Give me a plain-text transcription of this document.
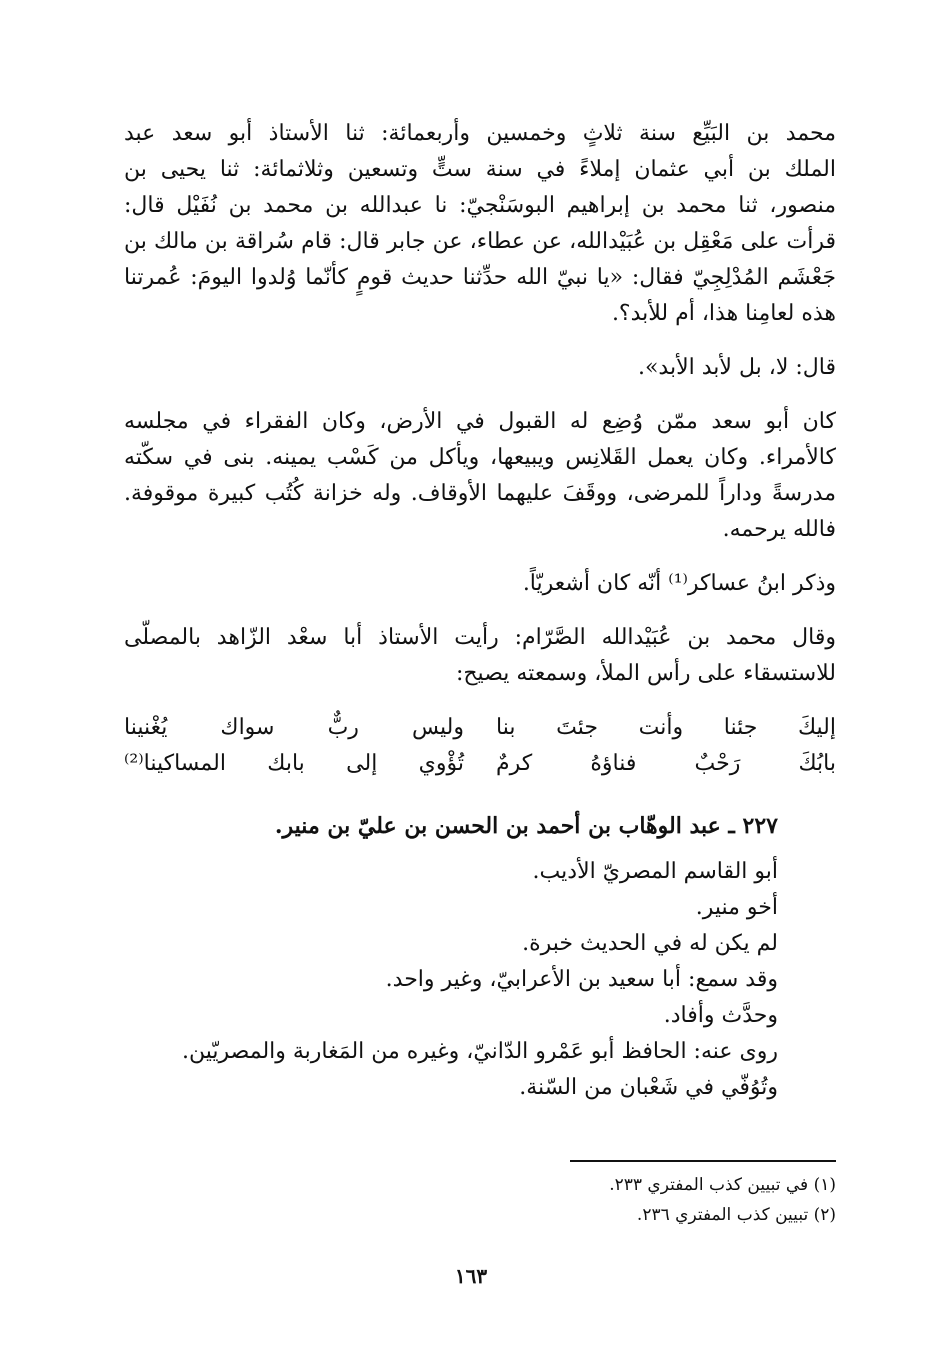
محمد بن البَيِّع سنة ثلاثٍ وخمسين وأربعمائة: ثنا الأستاذ أبو سعد عبد
الملك بن أبي عثمان إملاءً في سنة ستٍّ وتسعين وثلاثمائة: ثنا يحيى بن
منصور، ثنا محمد بن إبراهيم البوسَنْجيّ: نا عبدالله بن محمد بن نُفَيْل قال:
قرأت على مَعْقِل بن عُبَيْدالله، عن عطاء، عن جابر قال: قام سُراقة بن مالك بن
جَعْشَم المُدْلِجِيّ فقال: «يا نبيّ الله حدِّثنا حديث قومٍ كأنّما وُلدوا اليومَ: عُمرتنا
هذه لعامِنا هذا، أم للأبد؟.
قال: لا، بل لأبد الأبد».
كان أبو سعد ممّن وُضِع له القبول في الأرض، وكان الفقراء في مجلسه
كالأمراء. وكان يعمل القَلانِس ويبيعها، ويأكل من كَسْب يمينه. بنى في سكّته
مدرسةً وداراً للمرضى، ووقَفَ عليهما الأوقاف. وله خزانة كُتُب كبيرة موقوفة.
فالله يرحمه.
وذكر ابنُ عساكر⁽¹⁾ أنّه كان أشعريّاً.
وقال محمد بن عُبَيْدالله الصَّرّام: رأيت الأستاذ أبا سعْد الزّاهد بالمصلّى
للاستسقاء على رأس الملأ، وسمعته يصيح:
إليكَ جئنا وأنت جئتَ بنا
وليس ربٌّ سواك يُغْنينا
بابُكَ رَحْبٌ فناؤهُ كرمٌ
تُؤْوي إلى بابك المساكينا⁽²⁾
٢٢٧ ـ عبد الوهّاب بن أحمد بن الحسن بن عليّ بن منير.
أبو القاسم المصريّ الأديب.
أخو منير.
لم يكن له في الحديث خبرة.
وقد سمع: أبا سعيد بن الأعرابيّ، وغير واحد.
وحدَّث وأفاد.
روى عنه: الحافظ أبو عَمْرو الدّانيّ، وغيره من المَغاربة والمصريّين.
وتُوُفّي في شَعْبان من السّنة.
(١) في تبيين كذب المفتري ٢٣٣.
(٢) تبيين كذب المفتري ٢٣٦.
١٦٣
